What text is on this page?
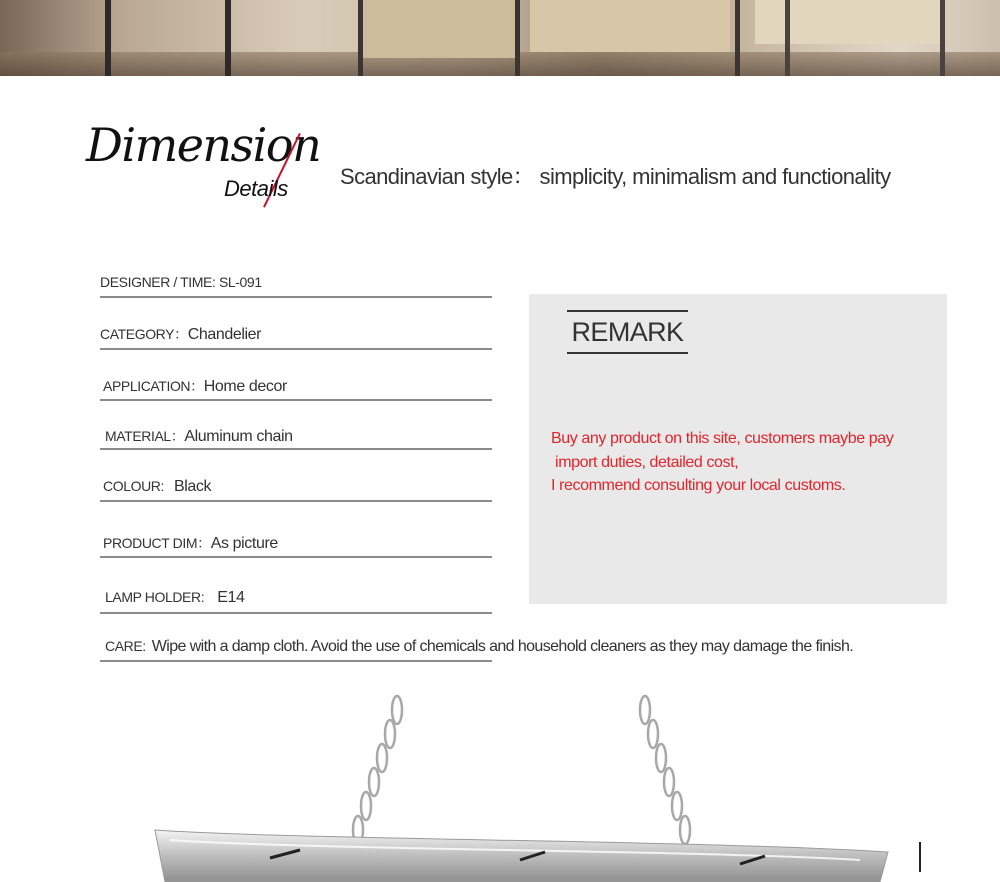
Dimension
Details Scandinavian style： simplicity, minimalism and functionality
DESIGNER / TIME: SL-091
CATEGORY：Chandelier
APPLICATION：Home decor
MATERIAL：Aluminum chain
COLOUR: Black
PRODUCT DIM：As picture
LAMP HOLDER: E14
CARE: Wipe with a damp cloth. Avoid the use of chemicals and household cleaners as they may damage the finish.
REMARK
Buy any product on this site, customers maybe pay
import duties, detailed cost,
I recommend consulting your local customs.
